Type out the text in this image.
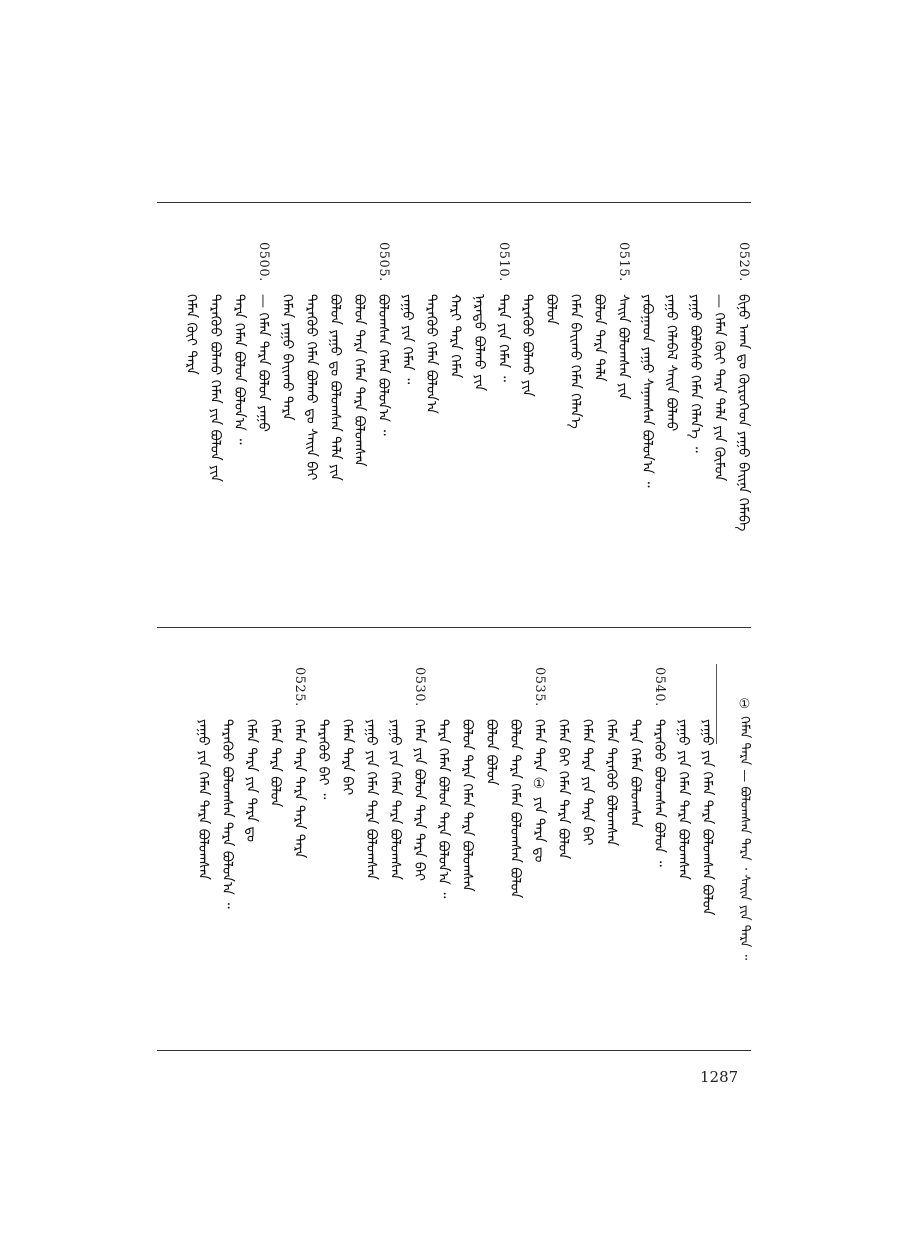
0520.
ᠪᠢᠨᠤ ᠠᠬᠠ ᠳᠣ ᠬᠦᠷᠦᠭᠡᠳ ᠶᠠᠭᠤ ᠪᠠᠢᠨᠠ ᠬᠡᠮᠡᠪᠡ
— ᠬᠡᠮᠡᠨ ᠬᠦᠢ ᠲᠡᠷᠡ ᠲᠠᠯᠠ ᠶᠢᠨ ᠬᠥᠮᠦᠨ
ᠶᠠᠭᠤ ᠪᠣᠯᠪᠠᠰᠤ ᠬᠡᠮᠡᠨ ᠬᠡᠯᠡᠨ᠎ᠡ ᠃
ᠶᠠᠭᠤ ᠬᠡᠯᠡᠪᠡᠯ ᠰᠠᠢᠨ ᠪᠣᠯᠬᠤ
ᠶᠠᠪᠤᠭᠠᠳ ᠶᠠᠭᠤ ᠰᠠᠨᠠᠭᠰᠠᠨ ᠪᠣᠯᠤᠨ᠎ᠠ ᠃
0515.
ᠰᠠᠢᠨ ᠪᠣᠯᠤᠭᠰᠠᠨ ᠶᠢᠨ
ᠪᠣᠯᠤᠨ ᠲᠡᠷᠡ ᠲᠠᠯᠠ
ᠬᠡᠮᠡᠨ ᠪᠠᠢᠬᠤ ᠬᠡᠮᠡᠨ ᠬᠡᠯᠡᠨ᠎ᠡ
ᠪᠣᠯᠤᠨ
ᠲᠡᠷᠡᠭᠦᠦ ᠪᠣᠯᠬᠤ ᠶᠢᠨ
0510.
ᠲᠡᠷᠡ ᠶᠢᠨ ᠬᠡᠮᠡᠨ ᠃
ᠨᠡᠷᠡᠳᠦ ᠪᠣᠯᠬᠤ ᠶᠢᠨ
ᠬᠠᠷᠢ ᠲᠡᠷᠡ ᠬᠡᠮᠡᠨ
ᠲᠡᠷᠡᠭᠦᠦ ᠬᠡᠮᠡᠨ ᠪᠣᠯᠤᠨ᠎ᠠ
ᠶᠠᠭᠤ ᠶᠢᠨ ᠬᠡᠮᠡᠨ ᠃
0505.
ᠪᠣᠯᠤᠭᠰᠠᠨ ᠬᠡᠮᠡᠨ ᠪᠣᠯᠤᠨ᠎ᠠ ᠃
ᠪᠣᠯᠤᠨ ᠲᠡᠷᠡ ᠬᠡᠮᠡᠨ ᠲᠡᠷᠡ ᠪᠣᠯᠤᠭᠰᠠᠨ
ᠪᠣᠯᠤᠨ ᠶᠠᠭᠤ ᠳᠣ ᠪᠣᠯᠤᠭᠰᠠᠨ ᠲᠠᠯᠠ ᠶᠢᠨ
ᠲᠡᠷᠡᠭᠦᠦ ᠬᠡᠮᠡᠨ ᠪᠣᠯᠬᠤ ᠳᠣ ᠰᠠᠢᠨ ᠪᠠᠢ
ᠬᠡᠮᠡᠨ ᠶᠠᠭᠤ ᠪᠠᠢᠬᠤ ᠲᠡᠷᠡ
0500.
— ᠬᠡᠮᠡᠨ ᠲᠡᠷᠡ ᠪᠣᠯᠤᠨ ᠶᠠᠭᠤ
ᠲᠡᠷᠡ ᠬᠡᠮᠡᠨ ᠪᠣᠯᠤᠨ ᠪᠣᠯᠤᠨ᠎ᠠ ᠃
ᠲᠡᠷᠡᠭᠦᠦ ᠪᠣᠯᠬᠤ ᠬᠡᠮᠡᠨ ᠶᠢᠨ ᠪᠣᠯᠤᠨ ᠶᠢᠨ
ᠬᠡᠮᠡᠨ ᠬᠦᠢ ᠲᠡᠷᠡ
ᠶᠠᠭᠤ ᠶᠢᠨ ᠬᠡᠮᠡᠨ ᠲᠡᠷᠡ ᠪᠣᠯᠤᠭᠰᠠᠨ ᠪᠣᠯᠤᠨ
ᠶᠠᠭᠤ ᠶᠢᠨ ᠬᠡᠮᠡᠨ ᠲᠡᠷᠡ ᠪᠣᠯᠤᠭᠰᠠᠨ
0540.
ᠲᠡᠷᠡᠭᠦᠦ ᠪᠣᠯᠤᠭᠰᠠᠨ ᠪᠣᠯᠤᠨ ᠃
ᠲᠡᠷᠡ ᠬᠡᠮᠡᠨ ᠪᠣᠯᠤᠭᠰᠠᠨ
ᠬᠡᠮᠡᠨ ᠲᠡᠷᠡᠭᠦᠦ ᠪᠣᠯᠤᠭᠰᠠᠨ
ᠬᠡᠮᠡᠨ ᠲᠡᠷᠡ ᠶᠢᠨ ᠲᠡᠷᠡ ᠪᠠᠢ
ᠬᠡᠮᠡᠨ ᠪᠠᠢ ᠬᠡᠮᠡᠨ ᠲᠡᠷᠡ ᠪᠣᠯᠤᠨ
0535.
ᠬᠡᠮᠡᠨ ᠲᠡᠷᠡ ① ᠶᠢᠨ ᠲᠡᠷᠡ ᠳᠣ
ᠪᠣᠯᠤᠨ ᠲᠡᠷᠡ ᠬᠡᠮᠡᠨ ᠪᠣᠯᠤᠭᠰᠠᠨ ᠪᠣᠯᠤᠨ
ᠪᠣᠯᠤᠨ ᠪᠣᠯᠤᠨ
ᠪᠣᠯᠤᠨ ᠲᠡᠷᠡ ᠬᠡᠮᠡᠨ ᠲᠡᠷᠡ ᠪᠣᠯᠤᠭᠰᠠᠨ
ᠲᠡᠷᠡ ᠬᠡᠮᠡᠨ ᠪᠣᠯᠤᠨ ᠲᠡᠷᠡ ᠪᠣᠯᠤᠨ᠎ᠠ ᠃
0530.
ᠬᠡᠮᠡᠨ ᠶᠢᠨ ᠪᠣᠯᠤᠨ ᠲᠡᠷᠡ ᠲᠡᠷᠡ ᠪᠠᠢ
ᠶᠠᠭᠤ ᠶᠢᠨ ᠬᠡᠮᠡᠨ ᠲᠡᠷᠡ ᠪᠣᠯᠤᠭᠰᠠᠨ
ᠶᠠᠭᠤ ᠶᠢᠨ ᠬᠡᠮᠡᠨ ᠲᠡᠷᠡ ᠪᠣᠯᠤᠭᠰᠠᠨ
ᠬᠡᠮᠡᠨ ᠲᠡᠷᠡ ᠪᠠᠢ
ᠲᠡᠷᠡᠭᠦᠦ ᠪᠠᠢ ᠃
0525.
ᠬᠡᠮᠡᠨ ᠲᠡᠷᠡ ᠲᠡᠷᠡ ᠲᠡᠷᠡ ᠲᠡᠷᠡ
ᠬᠡᠮᠡᠨ ᠲᠡᠷᠡ ᠪᠣᠯᠤᠨ
ᠬᠡᠮᠡᠨ ᠲᠡᠷᠡ ᠶᠢᠨ ᠲᠡᠷᠡ ᠳᠣ
ᠲᠡᠷᠡᠭᠦᠦ ᠪᠣᠯᠤᠭᠰᠠᠨ ᠲᠡᠷᠡ ᠪᠣᠯᠤᠨ᠎ᠠ ᠃
ᠶᠠᠭᠤ ᠶᠢᠨ ᠬᠡᠮᠡᠨ ᠲᠡᠷᠡ ᠪᠣᠯᠤᠭᠰᠠᠨ	① ᠬᠡᠮᠡᠨ ᠲᠡᠷᠡ — ᠪᠣᠯᠤᠭᠰᠠᠨ ᠲᠡᠷᠡ ᠂ ᠰᠠᠢᠨ ᠶᠢᠨ ᠲᠡᠷᠡ ᠃
1287
